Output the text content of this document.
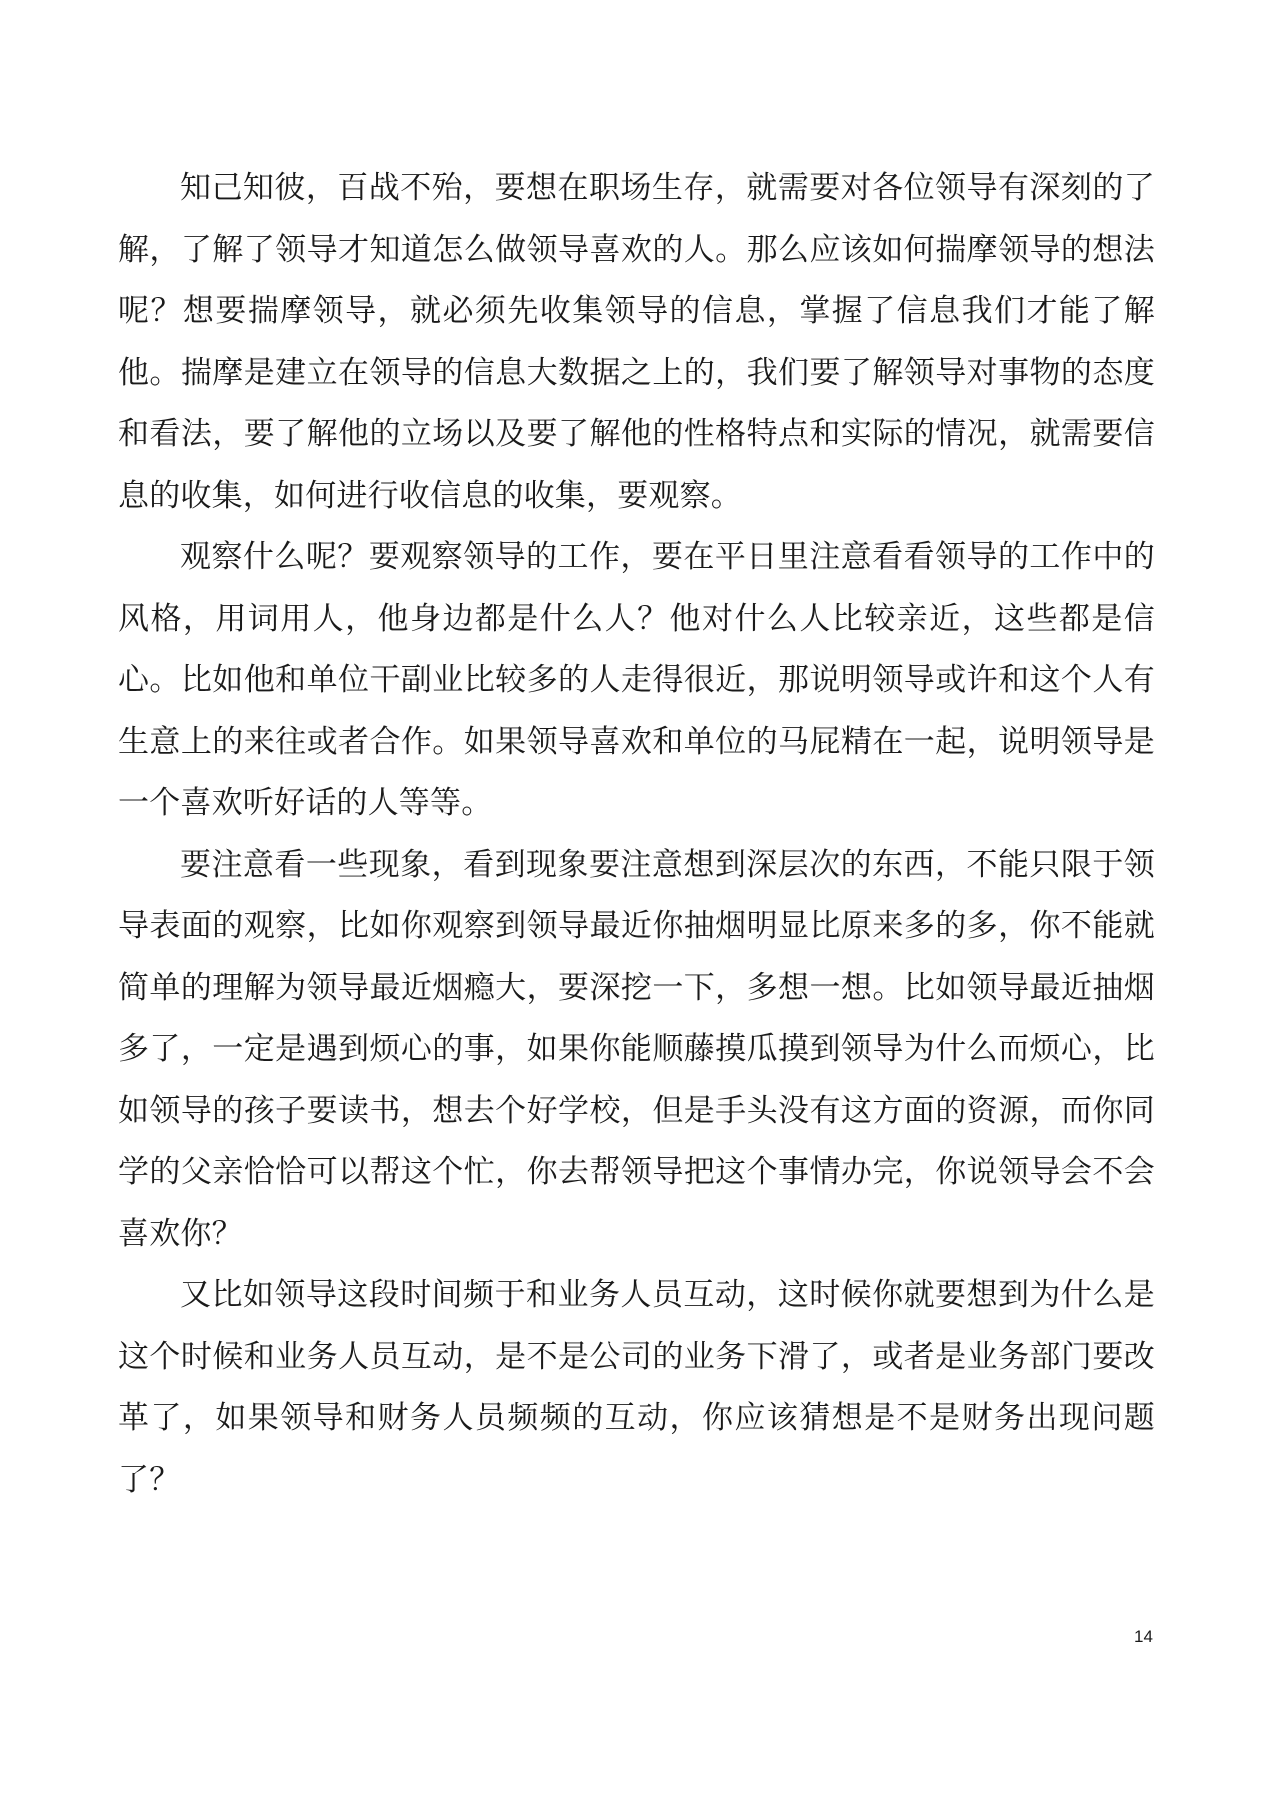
知己知彼，百战不殆，要想在职场生存，就需要对各位领导有深刻的了解，了解了领导才知道怎么做领导喜欢的人。那么应该如何揣摩领导的想法呢？想要揣摩领导，就必须先收集领导的信息，掌握了信息我们才能了解他。揣摩是建立在领导的信息大数据之上的，我们要了解领导对事物的态度和看法，要了解他的立场以及要了解他的性格特点和实际的情况，就需要信息的收集，如何进行收信息的收集，要观察。

观察什么呢？要观察领导的工作，要在平日里注意看看领导的工作中的风格，用词用人，他身边都是什么人？他对什么人比较亲近，这些都是信心。比如他和单位干副业比较多的人走得很近，那说明领导或许和这个人有生意上的来往或者合作。如果领导喜欢和单位的马屁精在一起，说明领导是一个喜欢听好话的人等等。

要注意看一些现象，看到现象要注意想到深层次的东西，不能只限于领导表面的观察，比如你观察到领导最近你抽烟明显比原来多的多，你不能就简单的理解为领导最近烟瘾大，要深挖一下，多想一想。比如领导最近抽烟多了，一定是遇到烦心的事，如果你能顺藤摸瓜摸到领导为什么而烦心，比如领导的孩子要读书，想去个好学校，但是手头没有这方面的资源，而你同学的父亲恰恰可以帮这个忙，你去帮领导把这个事情办完，你说领导会不会喜欢你？

又比如领导这段时间频于和业务人员互动，这时候你就要想到为什么是这个时候和业务人员互动，是不是公司的业务下滑了，或者是业务部门要改革了，如果领导和财务人员频频的互动，你应该猜想是不是财务出现问题了？

14
